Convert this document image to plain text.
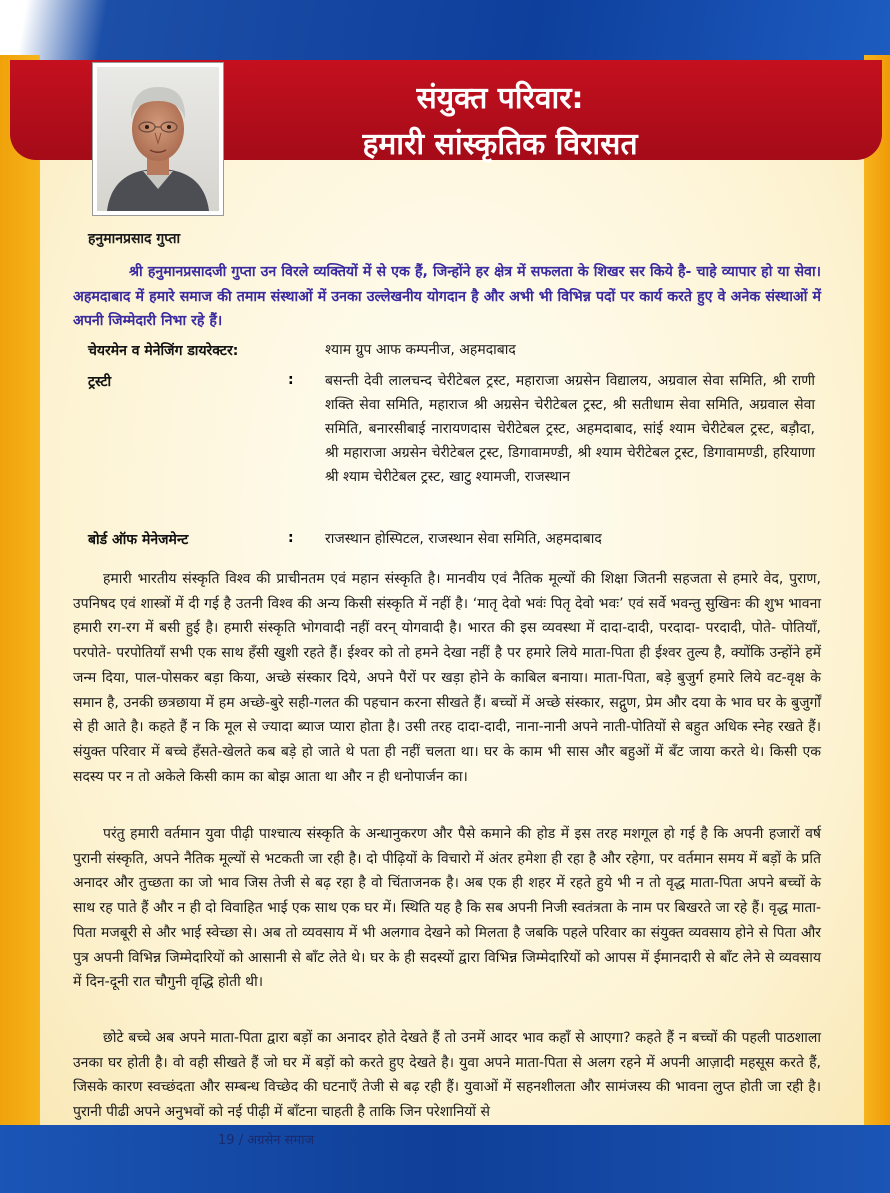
संयुक्त परिवार:
हमारी सांस्कृतिक विरासत
हनुमानप्रसाद गुप्ता

श्री हनुमानप्रसादजी गुप्ता उन विरले व्यक्तियों में से एक हैं, जिन्होंने हर क्षेत्र में सफलता के शिखर सर किये है- चाहे व्यापार हो या सेवा। अहमदाबाद में हमारे समाज की तमाम संस्थाओं में उनका उल्लेखनीय योगदान है और अभी भी विभिन्न पदों पर कार्य करते हुए वे अनेक संस्थाओं में अपनी जिम्मेदारी निभा रहे हैं।

चेयरमेन व मेनेजिंग डायरेक्टर:	श्याम ग्रुप आफ कम्पनीज, अहमदाबाद
ट्रस्टी	: बसन्ती देवी लालचन्द चेरीटेबल ट्रस्ट, महाराजा अग्रसेन विद्यालय, अग्रवाल सेवा समिति, श्री राणी शक्ति सेवा समिति, महाराज श्री अग्रसेन चेरीटेबल ट्रस्ट, श्री सतीधाम सेवा समिति, अग्रवाल सेवा समिति, बनारसीबाई नारायणदास चेरीटेबल ट्रस्ट, अहमदाबाद, सांई श्याम चेरीटेबल ट्रस्ट, बड़ौदा, श्री महाराजा अग्रसेन चेरीटेबल ट्रस्ट, डिगावामण्डी, श्री श्याम चेरीटेबल ट्रस्ट, डिगावामण्डी, हरियाणा श्री श्याम चेरीटेबल ट्रस्ट, खाटु श्यामजी, राजस्थान
बोर्ड ऑफ मेनेजमेन्ट	: राजस्थान होस्पिटल, राजस्थान सेवा समिति, अहमदाबाद

हमारी भारतीय संस्कृति विश्व की प्राचीनतम एवं महान संस्कृति है। मानवीय एवं नैतिक मूल्यों की शिक्षा जितनी सहजता से हमारे वेद, पुराण, उपनिषद एवं शास्त्रों में दी गई है उतनी विश्व की अन्य किसी संस्कृति में नहीं है। ‘मातृ देवो भवंः पितृ देवो भवः’ एवं सर्वे भवन्तु सुखिनः की शुभ भावना हमारी रग-रग में बसी हुई है। हमारी संस्कृति भोगवादी नहीं वरन् योगवादी है। भारत की इस व्यवस्था में दादा-दादी, परदादा- परदादी, पोते- पोतियाँ, परपोते- परपोतियाँ सभी एक साथ हँसी खुशी रहते हैं। ईश्वर को तो हमने देखा नहीं है पर हमारे लिये माता-पिता ही ईश्वर तुल्य है, क्योंकि उन्होंने हमें जन्म दिया, पाल-पोसकर बड़ा किया, अच्छे संस्कार दिये, अपने पैरों पर खड़ा होने के काबिल बनाया। माता-पिता, बड़े बुजुर्ग हमारे लिये वट-वृक्ष के समान है, उनकी छत्रछाया में हम अच्छे-बुरे सही-गलत की पहचान करना सीखते हैं। बच्चों में अच्छे संस्कार, सद्गुण, प्रेम और दया के भाव घर के बुजुर्गों से ही आते है। कहते हैं न कि मूल से ज्यादा ब्याज प्यारा होता है। उसी तरह दादा-दादी, नाना-नानी अपने नाती-पोतियों से बहुत अधिक स्नेह रखते हैं। संयुक्त परिवार में बच्चे हँसते-खेलते कब बड़े हो जाते थे पता ही नहीं चलता था। घर के काम भी सास और बहुओं में बँट जाया करते थे। किसी एक सदस्य पर न तो अकेले किसी काम का बोझ आता था और न ही धनोपार्जन का।

परंतु हमारी वर्तमान युवा पीढ़ी पाश्चात्य संस्कृति के अन्धानुकरण और पैसे कमाने की होड में इस तरह मशगूल हो गई है कि अपनी हजारों वर्ष पुरानी संस्कृति, अपने नैतिक मूल्यों से भटकती जा रही है। दो पीढ़ियों के विचारो में अंतर हमेशा ही रहा है और रहेगा, पर वर्तमान समय में बड़ों के प्रति अनादर और तुच्छता का जो भाव जिस तेजी से बढ़ रहा है वो चिंताजनक है। अब एक ही शहर में रहते हुये भी न तो वृद्ध माता-पिता अपने बच्चों के साथ रह पाते हैं और न ही दो विवाहित भाई एक साथ एक घर में। स्थिति यह है कि सब अपनी निजी स्वतंत्रता के नाम पर बिखरते जा रहे हैं। वृद्ध माता-पिता मजबूरी से और भाई स्वेच्छा से। अब तो व्यवसाय में भी अलगाव देखने को मिलता है जबकि पहले परिवार का संयुक्त व्यवसाय होने से पिता और पुत्र अपनी विभिन्न जिम्मेदारियों को आसानी से बाँट लेते थे। घर के ही सदस्यों द्वारा विभिन्न जिम्मेदारियों को आपस में ईमानदारी से बाँट लेने से व्यवसाय में दिन-दूनी रात चौगुनी वृद्धि होती थी।

छोटे बच्चे अब अपने माता-पिता द्वारा बड़ों का अनादर होते देखते हैं तो उनमें आदर भाव कहाँ से आएगा? कहते हैं न बच्चों की पहली पाठशाला उनका घर होती है। वो वही सीखते हैं जो घर में बड़ों को करते हुए देखते है। युवा अपने माता-पिता से अलग रहने में अपनी आज़ादी महसूस करते हैं, जिसके कारण स्वच्छंदता और सम्बन्ध विच्छेद की घटनाएँ तेजी से बढ़ रही हैं। युवाओं में सहनशीलता और सामंजस्य की भावना लुप्त होती जा रही है। पुरानी पीढी अपने अनुभवों को नई पीढ़ी में बाँटना चाहती है ताकि जिन परेशानियों से

19 / अग्रसेन समाज
